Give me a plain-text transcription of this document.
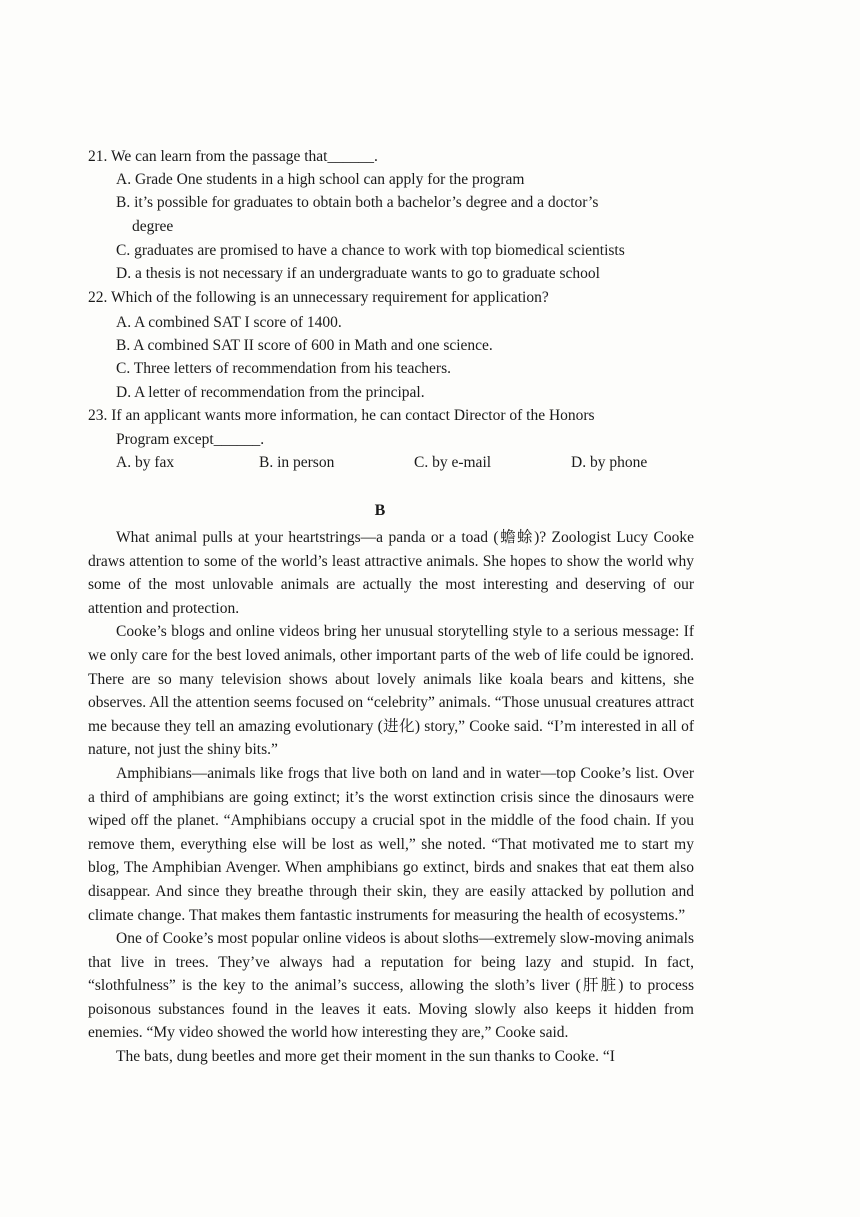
21. We can learn from the passage that______.
A. Grade One students in a high school can apply for the program
B. it’s possible for graduates to obtain both a bachelor’s degree and a doctor’s
degree
C. graduates are promised to have a chance to work with top biomedical scientists
D. a thesis is not necessary if an undergraduate wants to go to graduate school
22. Which of the following is an unnecessary requirement for application?
A. A combined SAT I score of 1400.
B. A combined SAT II score of 600 in Math and one science.
C. Three letters of recommendation from his teachers.
D. A letter of recommendation from the principal.
23. If an applicant wants more information, he can contact Director of the Honors
Program except______.
A. by fax	B. in person	C. by e-mail	D. by phone
B

What animal pulls at your heartstrings—a panda or a toad (蟾蜍)? Zoologist Lucy Cooke draws attention to some of the world’s least attractive animals. She hopes to show the world why some of the most unlovable animals are actually the most interesting and deserving of our attention and protection.

Cooke’s blogs and online videos bring her unusual storytelling style to a serious message: If we only care for the best loved animals, other important parts of the web of life could be ignored. There are so many television shows about lovely animals like koala bears and kittens, she observes. All the attention seems focused on “celebrity” animals. “Those unusual creatures attract me because they tell an amazing evolutionary (进化) story,” Cooke said. “I’m interested in all of nature, not just the shiny bits.”

Amphibians—animals like frogs that live both on land and in water—top Cooke’s list. Over a third of amphibians are going extinct; it’s the worst extinction crisis since the dinosaurs were wiped off the planet. “Amphibians occupy a crucial spot in the middle of the food chain. If you remove them, everything else will be lost as well,” she noted. “That motivated me to start my blog, The Amphibian Avenger. When amphibians go extinct, birds and snakes that eat them also disappear. And since they breathe through their skin, they are easily attacked by pollution and climate change. That makes them fantastic instruments for measuring the health of ecosystems.”

One of Cooke’s most popular online videos is about sloths—extremely slow-moving animals that live in trees. They’ve always had a reputation for being lazy and stupid. In fact, “slothfulness” is the key to the animal’s success, allowing the sloth’s liver (肝脏) to process poisonous substances found in the leaves it eats. Moving slowly also keeps it hidden from enemies. “My video showed the world how interesting they are,” Cooke said.

The bats, dung beetles and more get their moment in the sun thanks to Cooke. “I
